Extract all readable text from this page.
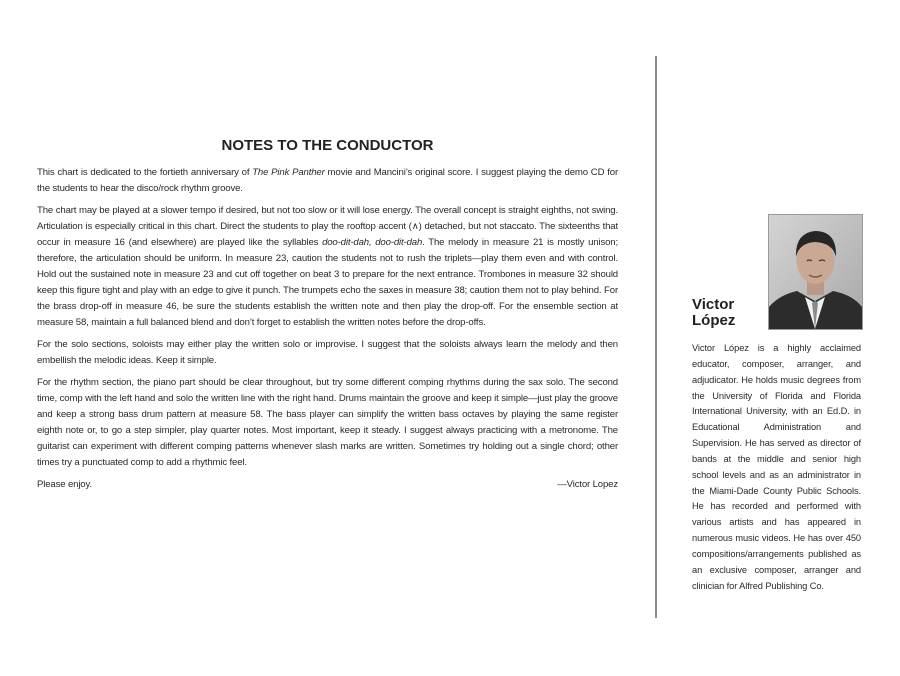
NOTES TO THE CONDUCTOR

This chart is dedicated to the fortieth anniversary of The Pink Panther movie and Mancini’s original score. I suggest playing the demo CD for the students to hear the disco/rock rhythm groove.

The chart may be played at a slower tempo if desired, but not too slow or it will lose energy. The overall concept is straight eighths, not swing. Articulation is especially critical in this chart. Direct the students to play the rooftop accent (∧) detached, but not staccato. The sixteenths that occur in measure 16 (and elsewhere) are played like the syllables doo-dit-dah, doo-dit-dah. The melody in measure 21 is mostly unison; therefore, the articulation should be uniform. In measure 23, caution the students not to rush the triplets—play them even and with control. Hold out the sustained note in measure 23 and cut off together on beat 3 to prepare for the next entrance. Trombones in measure 32 should keep this figure tight and play with an edge to give it punch. The trumpets echo the saxes in measure 38; caution them not to play behind. For the brass drop-off in measure 46, be sure the students establish the written note and then play the drop-off. For the ensemble section at measure 58, maintain a full balanced blend and don’t forget to establish the written notes before the drop-offs.

For the solo sections, soloists may either play the written solo or improvise. I suggest that the soloists always learn the melody and then embellish the melodic ideas. Keep it simple.

For the rhythm section, the piano part should be clear throughout, but try some different comping rhythms during the sax solo. The second time, comp with the left hand and solo the written line with the right hand. Drums maintain the groove and keep it simple—just play the groove and keep a strong bass drum pattern at measure 58. The bass player can simplify the written bass octaves by playing the same register eighth note or, to go a step simpler, play quarter notes. Most important, keep it steady. I suggest always practicing with a metronome. The guitarist can experiment with different comping patterns whenever slash marks are written. Sometimes try holding out a single chord; other times try a punctuated comp to add a rhythmic feel.

Please enjoy.	—Victor Lopez
Victor
López
Victor López is a highly acclaimed educator, composer, arranger, and adjudicator. He holds music degrees from the University of Florida and Florida International University, with an Ed.D. in Educational Administration and Supervision. He has served as director of bands at the middle and senior high school levels and as an administrator in the Miami-Dade County Public Schools. He has recorded and performed with various artists and has appeared in numerous music videos. He has over 450 compositions/arrangements published as an exclusive composer, arranger and clinician for Alfred Publishing Co.
